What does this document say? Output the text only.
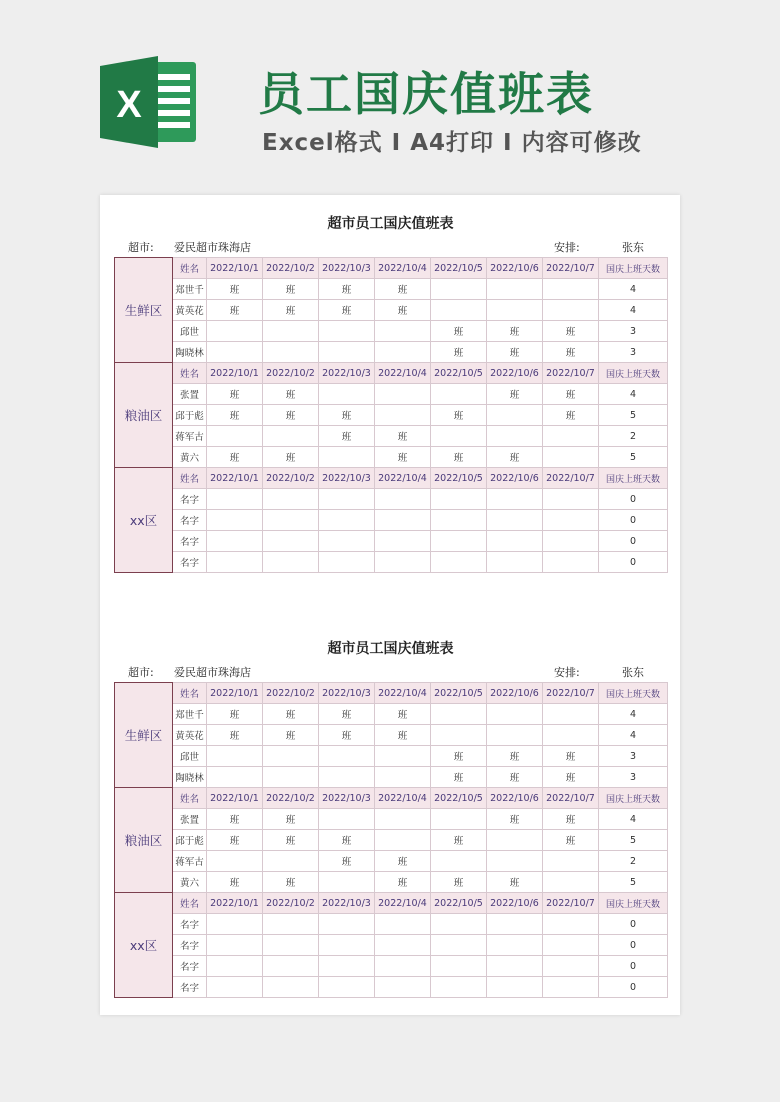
X	员工国庆值班表
Excel格式 I A4打印 I 内容可修改
超市员工国庆值班表
超市: 爱民超市珠海店	安排:	张东
生鲜区	姓名	2022/10/1	2022/10/2	2022/10/3	2022/10/4	2022/10/5	2022/10/6	2022/10/7	国庆上班天数
	郑世千	班	班	班	班				4
	黄英花	班	班	班	班				4
	邱世					班	班	班	3
	陶晓林					班	班	班	3
粮油区	姓名	2022/10/1	2022/10/2	2022/10/3	2022/10/4	2022/10/5	2022/10/6	2022/10/7	国庆上班天数
	张置	班	班				班	班	4
	邱于彪	班	班	班		班		班	5
	蒋军古			班	班				2
	黄六	班	班		班	班	班		5
xx区	姓名	2022/10/1	2022/10/2	2022/10/3	2022/10/4	2022/10/5	2022/10/6	2022/10/7	国庆上班天数
	名字								0
	名字								0
	名字								0
	名字								0
超市员工国庆值班表
超市: 爱民超市珠海店	安排:	张东
生鲜区	姓名	2022/10/1	2022/10/2	2022/10/3	2022/10/4	2022/10/5	2022/10/6	2022/10/7	国庆上班天数
	郑世千	班	班	班	班				4
	黄英花	班	班	班	班				4
	邱世					班	班	班	3
	陶晓林					班	班	班	3
粮油区	姓名	2022/10/1	2022/10/2	2022/10/3	2022/10/4	2022/10/5	2022/10/6	2022/10/7	国庆上班天数
	张置	班	班				班	班	4
	邱于彪	班	班	班		班		班	5
	蒋军古			班	班				2
	黄六	班	班		班	班	班		5
xx区	姓名	2022/10/1	2022/10/2	2022/10/3	2022/10/4	2022/10/5	2022/10/6	2022/10/7	国庆上班天数
	名字								0
	名字								0
	名字								0
	名字								0
